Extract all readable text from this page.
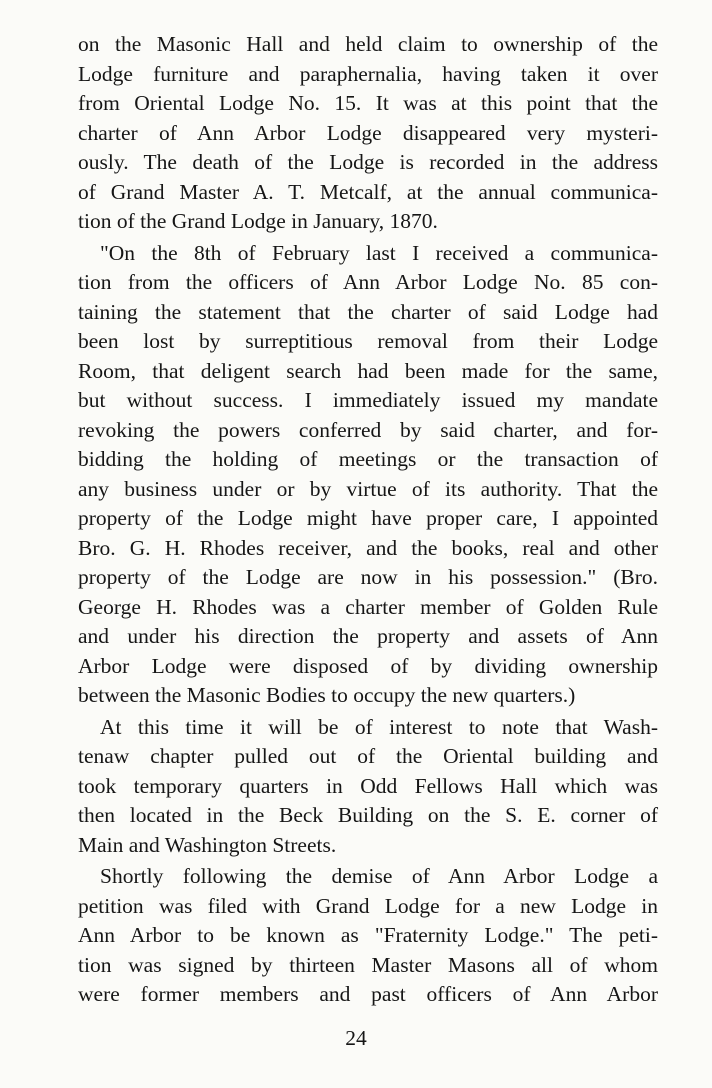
on the Masonic Hall and held claim to ownership of the
Lodge furniture and paraphernalia, having taken it over
from Oriental Lodge No. 15. It was at this point that the
charter of Ann Arbor Lodge disappeared very mysteri-
ously. The death of the Lodge is recorded in the address
of Grand Master A. T. Metcalf, at the annual communica-
tion of the Grand Lodge in January, 1870.
"On the 8th of February last I received a communica-
tion from the officers of Ann Arbor Lodge No. 85 con-
taining the statement that the charter of said Lodge had
been lost by surreptitious removal from their Lodge
Room, that deligent search had been made for the same,
but without success. I immediately issued my mandate
revoking the powers conferred by said charter, and for-
bidding the holding of meetings or the transaction of
any business under or by virtue of its authority. That the
property of the Lodge might have proper care, I appointed
Bro. G. H. Rhodes receiver, and the books, real and other
property of the Lodge are now in his possession." (Bro.
George H. Rhodes was a charter member of Golden Rule
and under his direction the property and assets of Ann
Arbor Lodge were disposed of by dividing ownership
between the Masonic Bodies to occupy the new quarters.)
At this time it will be of interest to note that Wash-
tenaw chapter pulled out of the Oriental building and
took temporary quarters in Odd Fellows Hall which was
then located in the Beck Building on the S. E. corner of
Main and Washington Streets.
Shortly following the demise of Ann Arbor Lodge a
petition was filed with Grand Lodge for a new Lodge in
Ann Arbor to be known as "Fraternity Lodge." The peti-
tion was signed by thirteen Master Masons all of whom
were former members and past officers of Ann Arbor
24
